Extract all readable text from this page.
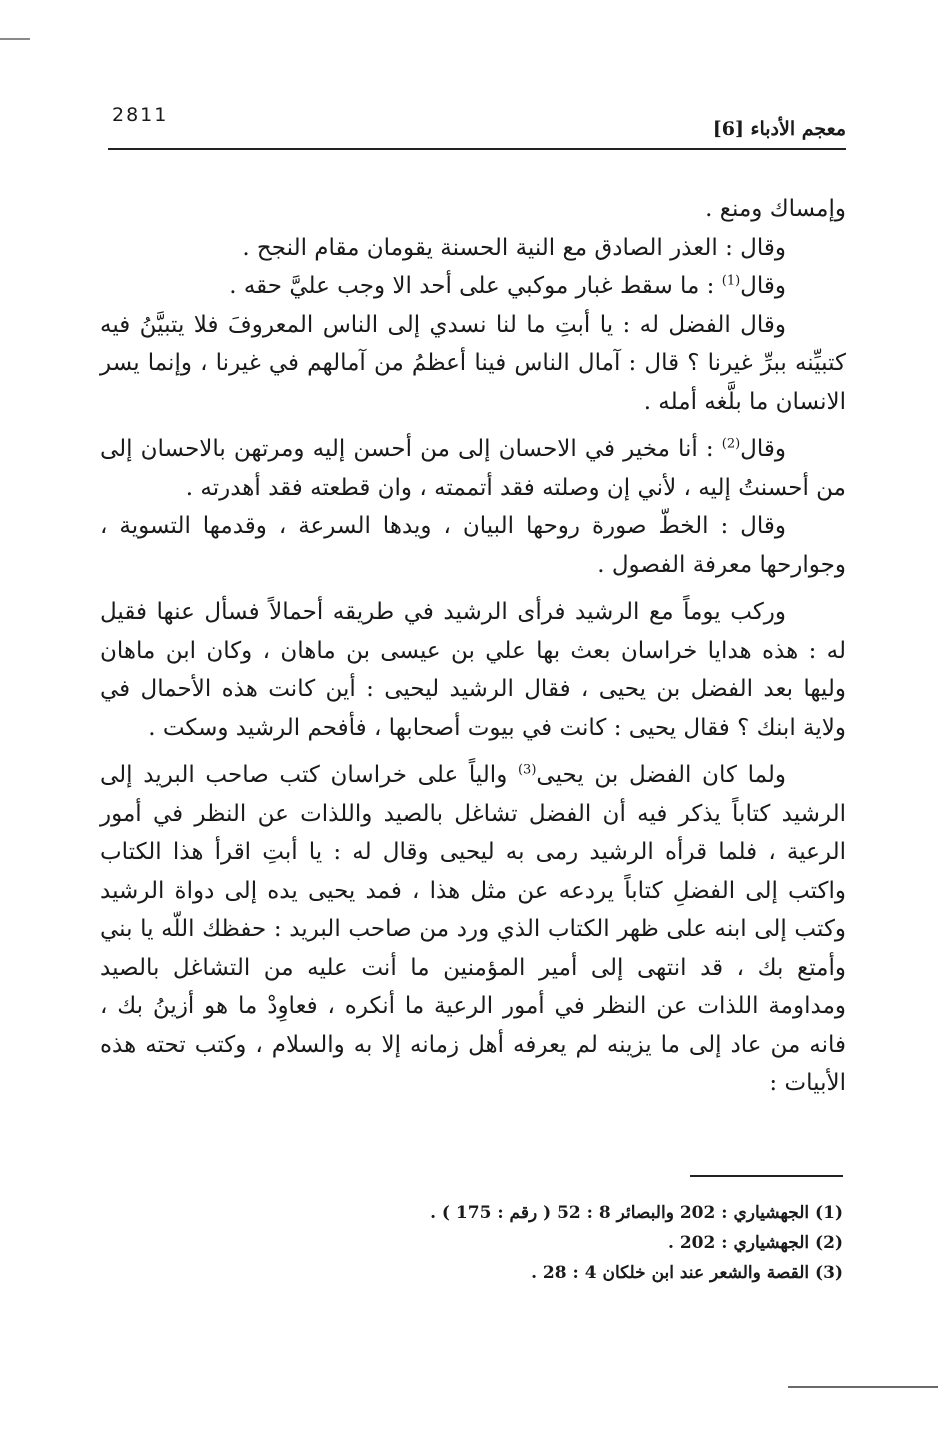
2811
معجم الأدباء [6]

وإمساك ومنع .

وقال : العذر الصادق مع النية الحسنة يقومان مقام النجح .

وقال$^{(1)}$ : ما سقط غبار موكبي على أحد الا وجب عليَّ حقه .

وقال الفضل له : يا أبتِ ما لنا نسدي إلى الناس المعروفَ فلا يتبيَّنُ فيه كتبيِّنه ببرِّ غيرنا ؟ قال : آمال الناس فينا أعظمُ من آمالهم في غيرنا ، وإنما يسر الانسان ما بلَّغه أمله .

وقال$^{(2)}$ : أنا مخير في الاحسان إلى من أحسن إليه ومرتهن بالاحسان إلى من أحسنتُ إليه ، لأني إن وصلته فقد أتممته ، وان قطعته فقد أهدرته .

وقال : الخطّ صورة روحها البيان ، ويدها السرعة ، وقدمها التسوية ، وجوارحها معرفة الفصول .

وركب يوماً مع الرشيد فرأى الرشيد في طريقه أحمالاً فسأل عنها فقيل له : هذه هدايا خراسان بعث بها علي بن عيسى بن ماهان ، وكان ابن ماهان وليها بعد الفضل بن يحيى ، فقال الرشيد ليحيى : أين كانت هذه الأحمال في ولاية ابنك ؟ فقال يحيى : كانت في بيوت أصحابها ، فأفحم الرشيد وسكت .

ولما كان الفضل بن يحيى$^{(3)}$ والياً على خراسان كتب صاحب البريد إلى الرشيد كتاباً يذكر فيه أن الفضل تشاغل بالصيد واللذات عن النظر في أمور الرعية ، فلما قرأه الرشيد رمى به ليحيى وقال له : يا أبتِ اقرأ هذا الكتاب واكتب إلى الفضلِ كتاباً يردعه عن مثل هذا ، فمد يحيى يده إلى دواة الرشيد وكتب إلى ابنه على ظهر الكتاب الذي ورد من صاحب البريد : حفظك اللّه يا بني وأمتع بك ، قد انتهى إلى أمير المؤمنين ما أنت عليه من التشاغل بالصيد ومداومة اللذات عن النظر في أمور الرعية ما أنكره ، فعاوِدْ ما هو أزينُ بك ، فانه من عاد إلى ما يزينه لم يعرفه أهل زمانه إلا به والسلام ، وكتب تحته هذه الأبيات :

(1) الجهشياري : 202 والبصائر 8 : 52 ( رقم : 175 ) .

(2) الجهشياري : 202 .

(3) القصة والشعر عند ابن خلكان 4 : 28 .
